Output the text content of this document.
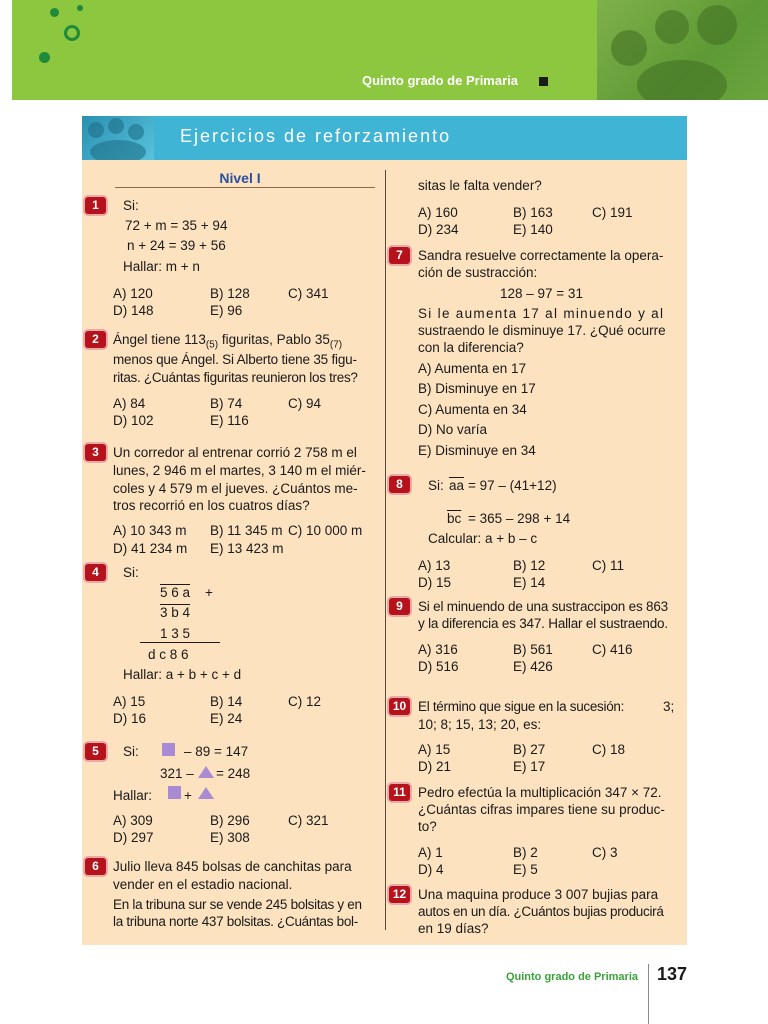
Quinto grado de Primaria
Ejercicios de reforzamiento
Nivel I
1	Si:
72 + m = 35 + 94
n + 24 = 39 + 56
Hallar: m + n
A) 120	B) 128	C) 341
D) 148	E) 96
2	Ángel tiene $113_{(5)}$ figuritas, Pablo $35_{(7)}$
menos que Ángel. Si Alberto tiene 35 figu-
ritas. ¿Cuántas figuritas reunieron los tres?
A) 84	B) 74	C) 94
D) 102	E) 116
3	Un corredor al entrenar corrió 2 758 m el
lunes, 2 946 m el martes, 3 140 m el miér-
coles y 4 579 m el jueves. ¿Cuántos me-
tros recorrió en los cuatros días?
A) 10 343 m B) 11 345 m C) 10 000 m
D) 41 234 m E) 13 423 m
4	Si:
5 6 a +
3 b 4
1 3 5
d c 8 6
Hallar: a + b + c + d
A) 15	B) 14	C) 12
D) 16	E) 24
5	Si:	– 89 = 147
321 – = 248
Hallar: +
A) 309	B) 296	C) 321
D) 297	E) 308
6	Julio lleva 845 bolsas de canchitas para
vender en el estadio nacional.
En la tribuna sur se vende 245 bolsitas y en
la tribuna norte 437 bolsitas. ¿Cuántas bol-
sitas le falta vender?
A) 160	B) 163	C) 191
D) 234	E) 140
7	Sandra resuelve correctamente la opera-
ción de sustracción:
128 – 97 = 31
Si le aumenta 17 al minuendo y al
sustraendo le disminuye 17. ¿Qué ocurre
con la diferencia?
A) Aumenta en 17
B) Disminuye en 17
C) Aumenta en 34
D) No varía
E) Disminuye en 34
8	Si: $\overline{aa} = 97 - (41+12)$
$\overline{bc} = 365 - 298 + 14$
Calcular: a + b – c
A) 13	B) 12	C) 11
D) 15	E) 14
9	Si el minuendo de una sustraccipon es 863
y la diferencia es 347. Hallar el sustraendo.
A) 316	B) 561	C) 416
D) 516	E) 426
10 El término que sigue en la sucesión:	3;
10; 8; 15, 13; 20, es:
A) 15	B) 27	C) 18
D) 21	E) 17
11 Pedro efectúa la multiplicación 347 × 72.
¿Cuántas cifras impares tiene su produc-
to?
A) 1	B) 2	C) 3
D) 4	E) 5
12 Una maquina produce 3 007 bujias para
autos en un día. ¿Cuántos bujias producirá
en 19 días?
Quinto grado de Primaria 137
